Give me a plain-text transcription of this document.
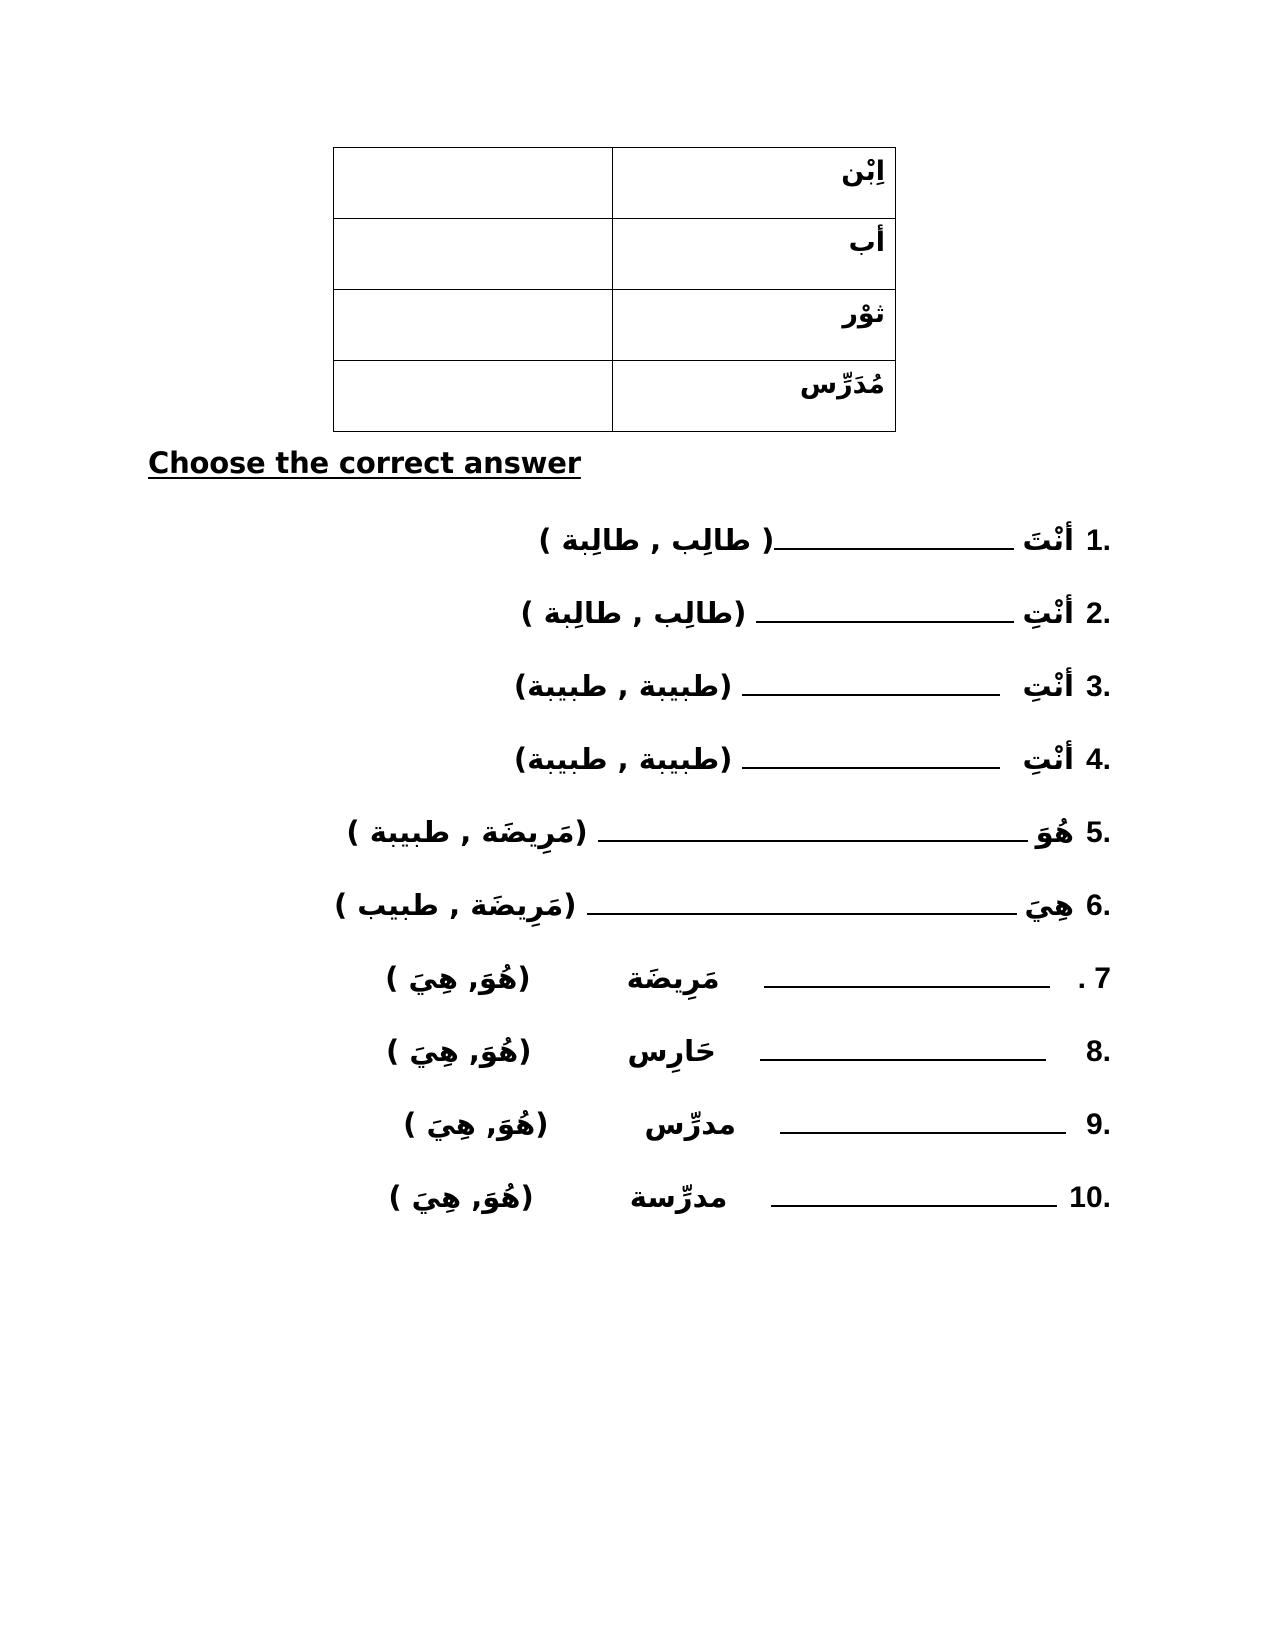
	اِبْن
	أب
	ثوْر
	مُدَرِّس
Choose the correct answer
1.
أنْتَ
( طالِب , طالِبة )
2.
أنْتِ
(طالِب , طالِبة )
3.
أنْتِ
(طبيبة , طبيبة)
4.
أنْتِ
(طبيبة , طبيبة)
5.
هُوَ
(مَرِيضَة , طبيبة )
6.
هِيَ
(مَرِيضَة , طبيب )
. 7
مَرِيضَة
(هُوَ, هِيَ )
8.
حَارِس
(هُوَ, هِيَ )
9.
مدرِّس
(هُوَ, هِيَ )
10.
مدرِّسة
(هُوَ, هِيَ )
